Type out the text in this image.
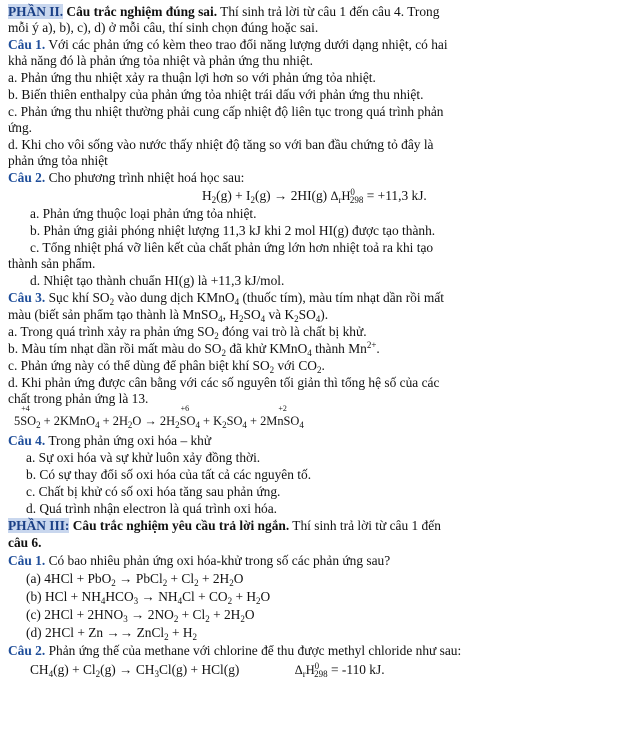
PHẦN II. Câu trắc nghiệm đúng sai. Thí sinh trả lời từ câu 1 đến câu 4. Trong
mỗi ý a), b), c), d) ở mỗi câu, thí sinh chọn đúng hoặc sai.
Câu 1. Với các phản ứng có kèm theo trao đổi năng lượng dưới dạng nhiệt, có hai
khả năng đó là phản ứng tỏa nhiệt và phản ứng thu nhiệt.
a. Phản ứng thu nhiệt xảy ra thuận lợi hơn so với phản ứng tỏa nhiệt.
b. Biến thiên enthalpy của phản ứng tỏa nhiệt trái dấu với phản ứng thu nhiệt.
c. Phản ứng thu nhiệt thường phải cung cấp nhiệt độ liên tục trong quá trình phản
ứng.
d. Khi cho vôi sống vào nước thấy nhiệt độ tăng so với ban đầu chứng tỏ đây là
phản ứng tỏa nhiệt
Câu 2. Cho phương trình nhiệt hoá học sau:
$H_2(g) + I_2(g) \to 2HI(g) \Delta_rH^0_{298} = +11,3$ kJ.
a. Phản ứng thuộc loại phản ứng tỏa nhiệt.
b. Phản ứng giải phóng nhiệt lượng 11,3 kJ khi 2 mol HI(g) được tạo thành.
c. Tổng nhiệt phá vỡ liên kết của chất phản ứng lớn hơn nhiệt toả ra khi tạo
thành sản phẩm.
d. Nhiệt tạo thành chuẩn HI(g) là +11,3 kJ/mol.
Câu 3. Sục khí $SO_2$ vào dung dịch KMnO$_4$ (thuốc tím), màu tím nhạt dần rồi mất
màu (biết sản phẩm tạo thành là MnSO$_4$, $H_2SO_4$ và $K_2SO_4$).
a. Trong quá trình xảy ra phản ứng $SO_2$ đóng vai trò là chất bị khử.
b. Màu tím nhạt dần rồi mất màu do $SO_2$ đã khử KMnO$_4$ thành $Mn^{2+}$.
c. Phản ứng này có thể dùng để phân biệt khí $SO_2$ với $CO_2$.
d. Khi phản ứng được cân bằng với các số nguyên tối giản thì tổng hệ số của các
chất trong phản ứng là 13.
5
+4
$SO_2$ + 2KMnO$_4$ + $2H_2O \to 2H_2$
+6
$SO_4 + K_2SO_4 + 2M$
+2
nSO$_4$
Câu 4. Trong phản ứng oxi hóa – khử
a. Sự oxi hóa và sự khử luôn xảy đồng thời.
b. Có sự thay đổi số oxi hóa của tất cả các nguyên tố.
c. Chất bị khử có số oxi hóa tăng sau phản ứng.
d. Quá trình nhận electron là quá trình oxi hóa.
PHẦN III: Câu trắc nghiệm yêu cầu trả lời ngắn. Thí sinh trả lời từ câu 1 đến
câu 6.
Câu 1. Có bao nhiêu phản ứng oxi hóa-khử trong số các phản ứng sau?
(a) 4HCl + PbO$_2$ → PbCl$_2$ + $Cl_2 + 2H_2O$
(b) HCl + $NH_4HCO_3 \to NH_4Cl + CO_2 + H_2O$
(c) $2HCl + 2HNO_3 \to 2NO_2 + Cl_2 + 2H_2O$
(d) 2HCl + Zn →→ ZnCl$_2$ + $H_2$
Câu 2. Phản ứng thế của methane với chlorine để thu được methyl chloride như sau:
$CH_4(g) + Cl_2(g) \to CH_3Cl(g) + HCl(g)$	$\Delta_rH^0_{298} = -110$ kJ.
